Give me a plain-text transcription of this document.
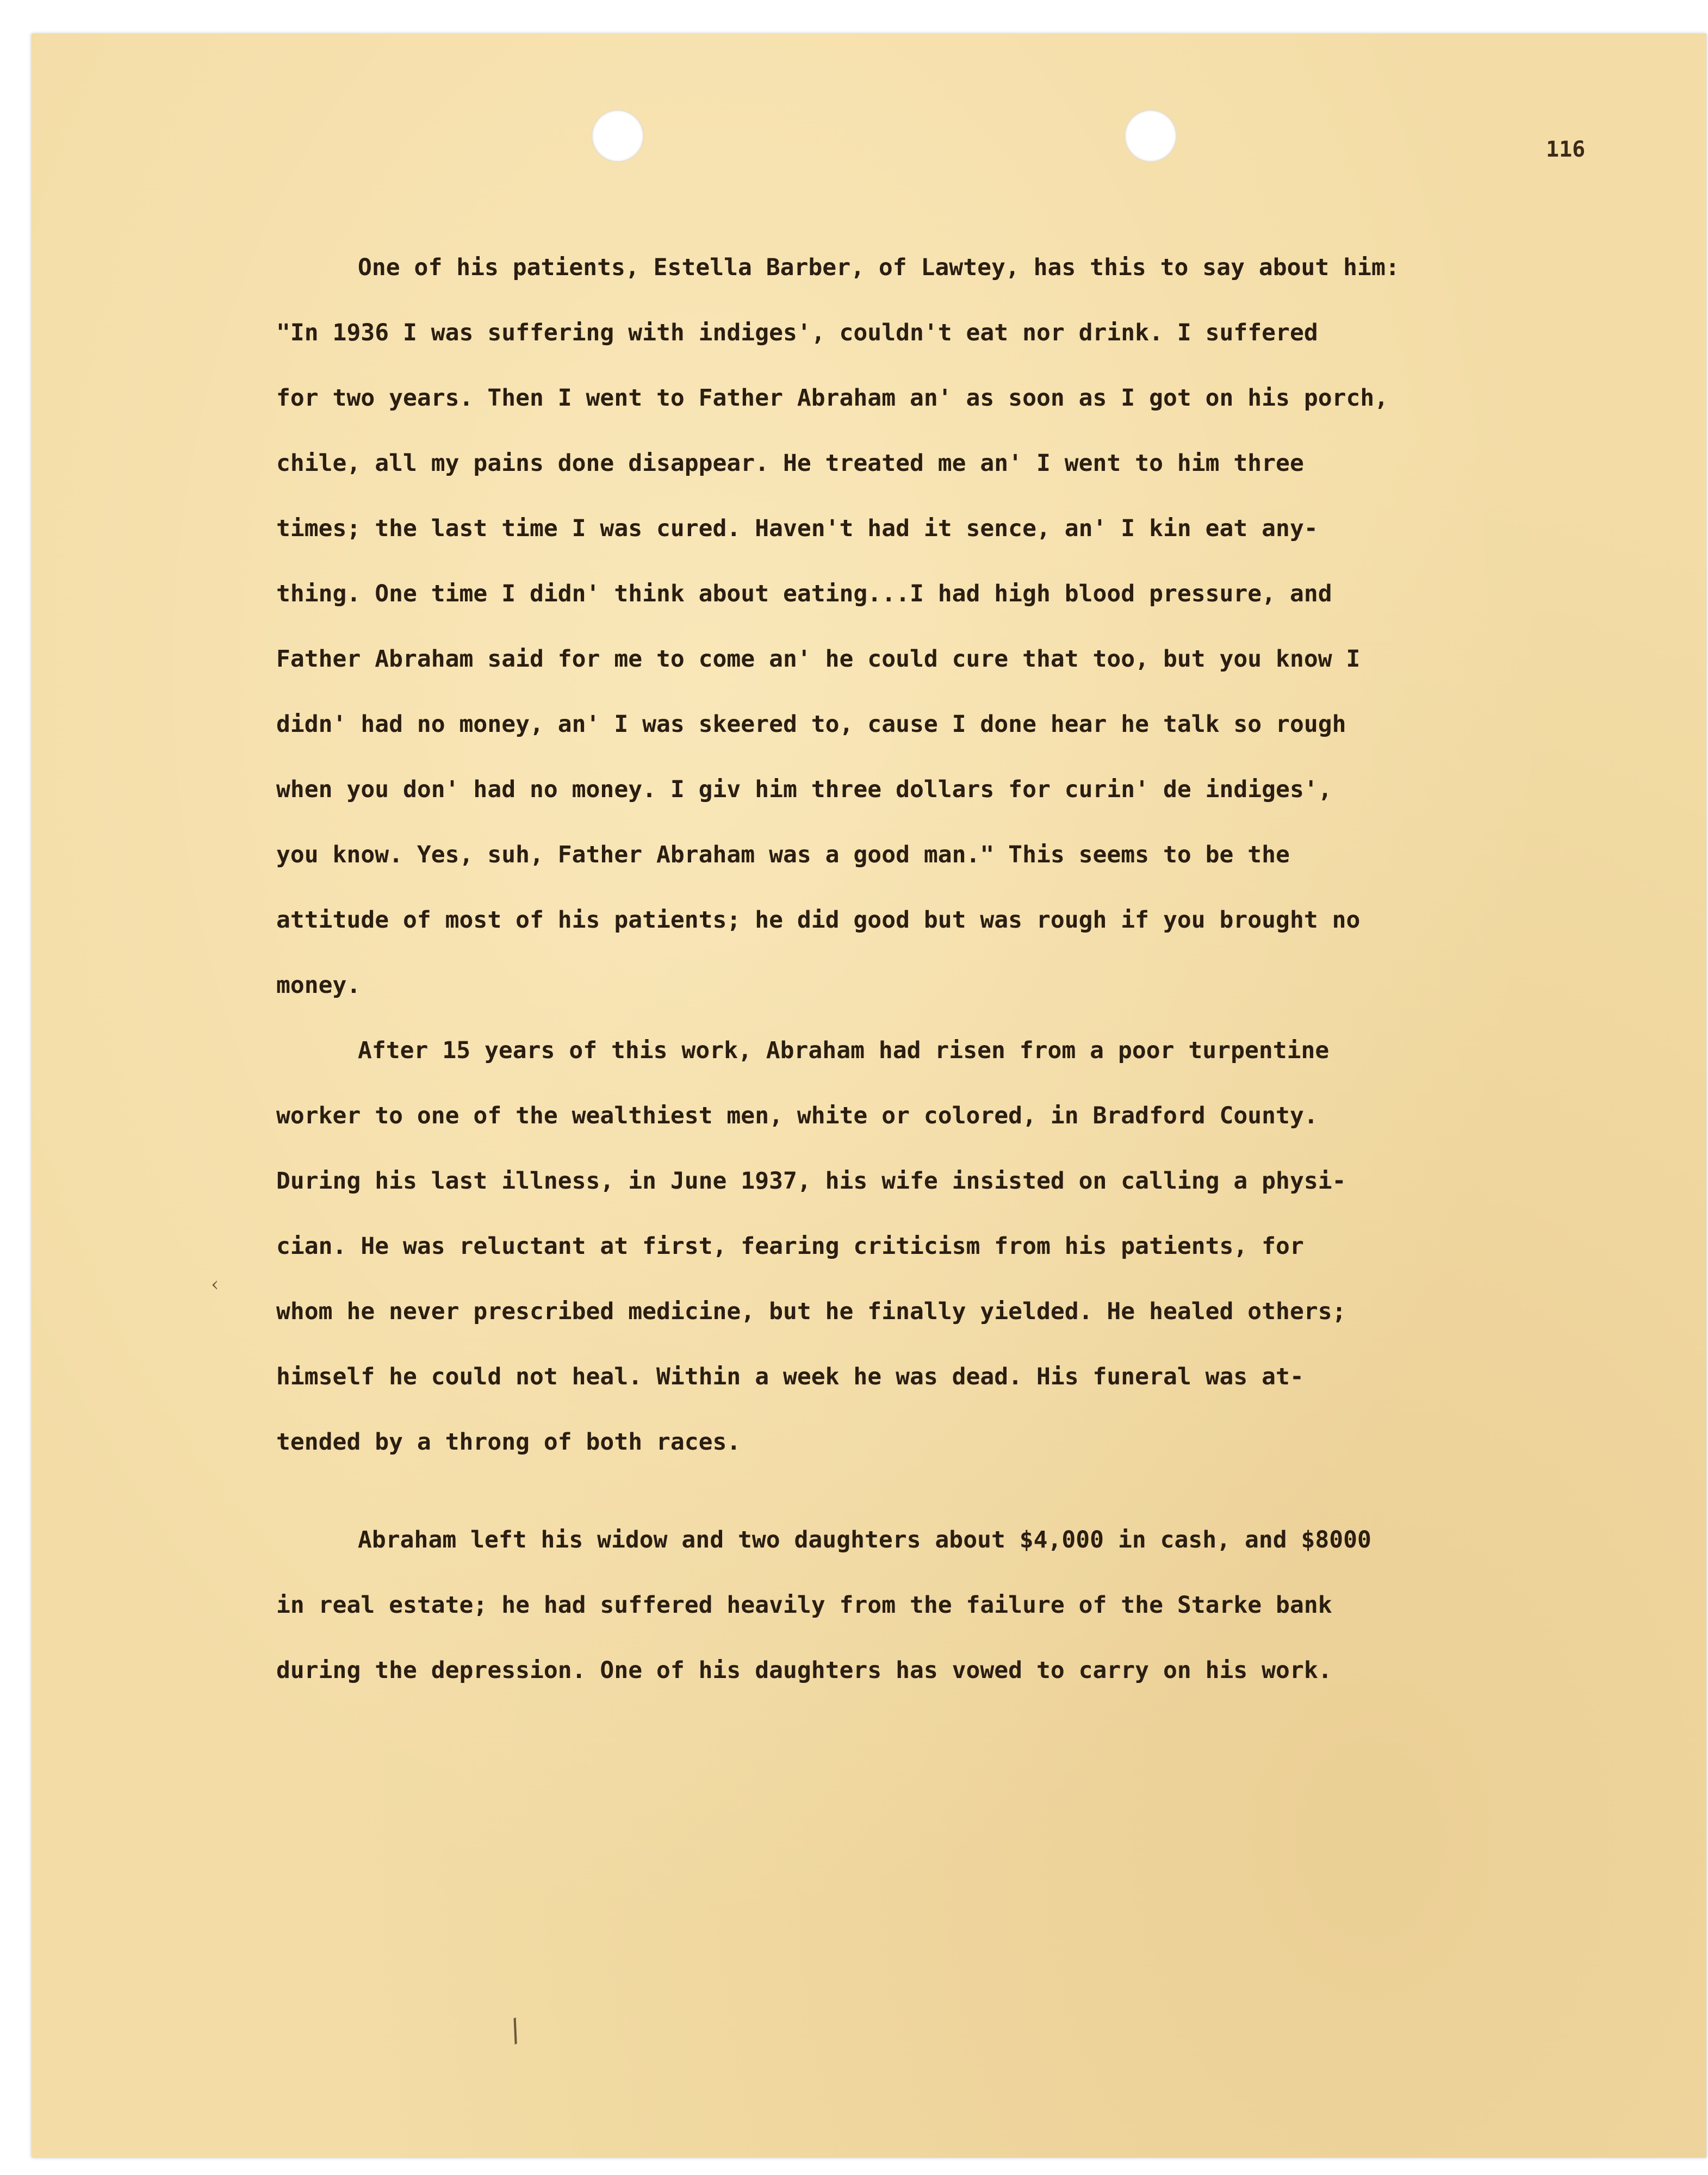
116
One of his patients, Estella Barber, of Lawtey, has this to say about him:
"In 1936 I was suffering with indiges', couldn't eat nor drink. I suffered
for two years. Then I went to Father Abraham an' as soon as I got on his porch,
chile, all my pains done disappear. He treated me an' I went to him three
times; the last time I was cured. Haven't had it sence, an' I kin eat any-
thing. One time I didn' think about eating...I had high blood pressure, and
Father Abraham said for me to come an' he could cure that too, but you know I
didn' had no money, an' I was skeered to, cause I done hear he talk so rough
when you don' had no money. I giv him three dollars for curin' de indiges',
you know. Yes, suh, Father Abraham was a good man." This seems to be the
attitude of most of his patients; he did good but was rough if you brought no
money.
After 15 years of this work, Abraham had risen from a poor turpentine
worker to one of the wealthiest men, white or colored, in Bradford County.
During his last illness, in June 1937, his wife insisted on calling a physi-
cian. He was reluctant at first, fearing criticism from his patients, for
whom he never prescribed medicine, but he finally yielded. He healed others;
himself he could not heal. Within a week he was dead. His funeral was at-
tended by a throng of both races.
Abraham left his widow and two daughters about $4,000 in cash, and $8000
in real estate; he had suffered heavily from the failure of the Starke bank
during the depression. One of his daughters has vowed to carry on his work.
/
‹
